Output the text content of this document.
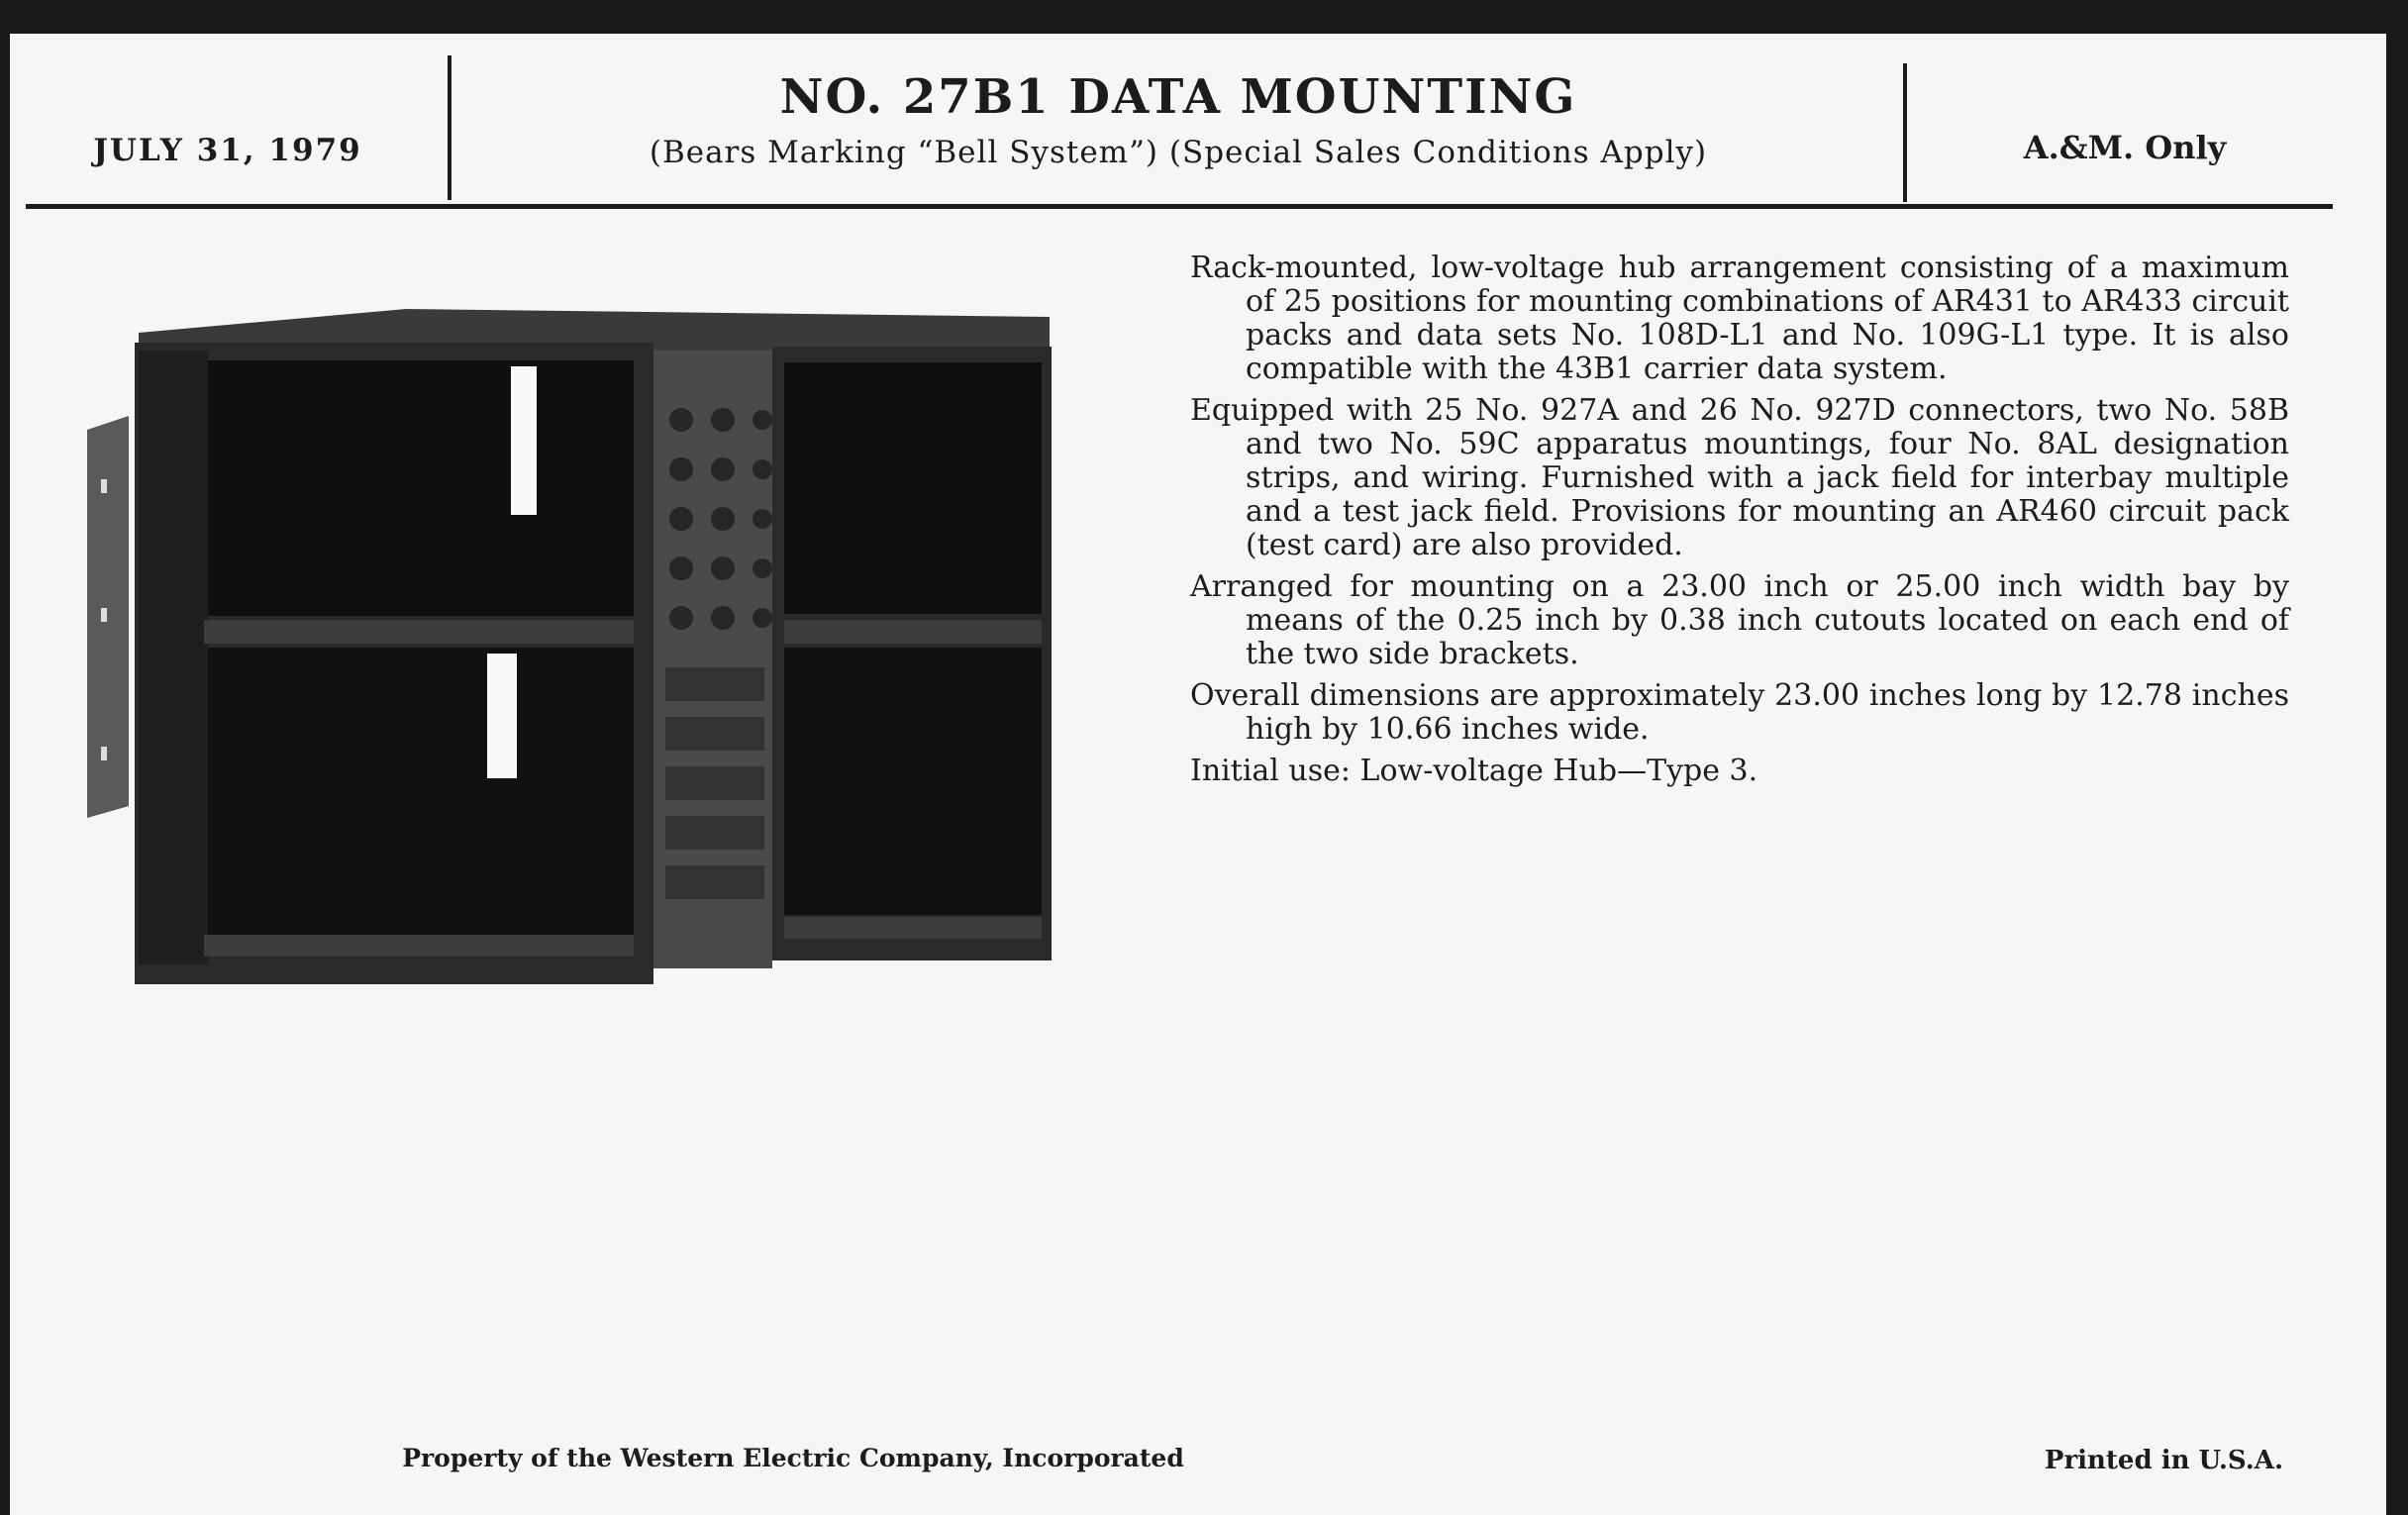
JULY 31, 1979
NO. 27B1 DATA MOUNTING
(Bears Marking “Bell System”) (Special Sales Conditions Apply)	A.&M. Only

Rack-mounted, low-voltage hub arrangement consisting of a maximum of 25 positions for mounting combinations of AR431 to AR433 circuit packs and data sets No. 108D-L1 and No. 109G-L1 type. It is also compatible with the 43B1 carrier data system.

Equipped with 25 No. 927A and 26 No. 927D connectors, two No. 58B and two No. 59C apparatus mountings, four No. 8AL designation strips, and wiring. Furnished with a jack field for interbay multiple and a test jack field. Provisions for mounting an AR460 circuit pack (test card) are also provided.

Arranged for mounting on a 23.00 inch or 25.00 inch width bay by means of the 0.25 inch by 0.38 inch cutouts located on each end of the two side brackets.

Overall dimensions are approximately 23.00 inches long by 12.78 inches high by 10.66 inches wide.

Initial use: Low-voltage Hub—Type 3.

Property of the Western Electric Company, Incorporated	Printed in U.S.A.
